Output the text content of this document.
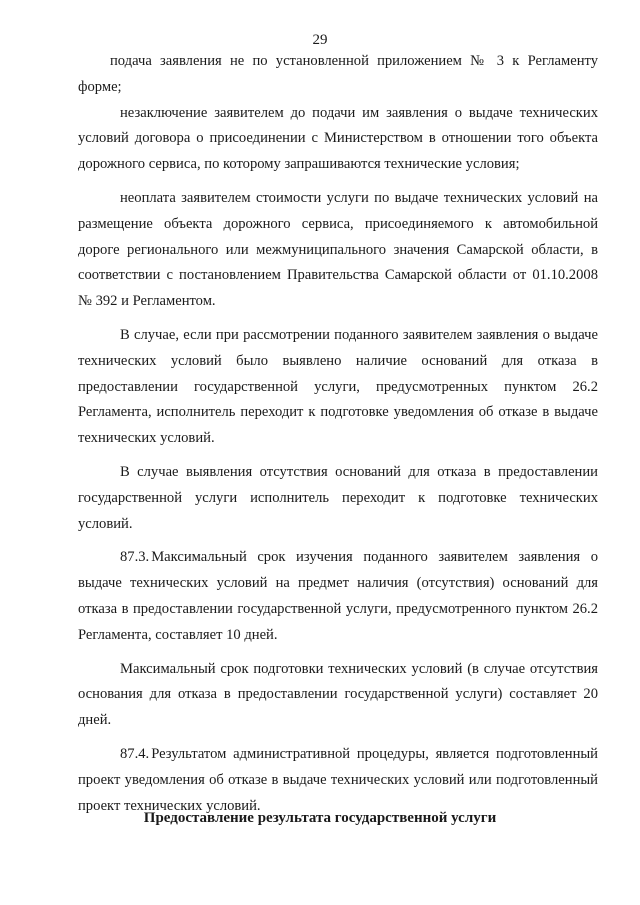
29

подача заявления не по установленной приложением № 3 к Регламенту форме;

незаключение заявителем до подачи им заявления о выдаче технических условий договора о присоединении с Министерством в отношении того объекта дорожного сервиса, по которому запрашиваются технические условия;

неоплата заявителем стоимости услуги по выдаче технических условий на размещение объекта дорожного сервиса, присоединяемого к автомобильной дороге регионального или межмуниципального значения Самарской области, в соответствии с постановлением Правительства Самарской области от 01.10.2008 № 392 и Регламентом.

В случае, если при рассмотрении поданного заявителем заявления о выдаче технических условий было выявлено наличие оснований для отказа в предоставлении государственной услуги, предусмотренных пунктом 26.2 Регламента, исполнитель переходит к подготовке уведомления об отказе в выдаче технических условий.

В случае выявления отсутствия оснований для отказа в предоставлении государственной услуги исполнитель переходит к подготовке технических условий.

87.3. Максимальный срок изучения поданного заявителем заявления о выдаче технических условий на предмет наличия (отсутствия) оснований для отказа в предоставлении государственной услуги, предусмотренного пунктом 26.2 Регламента, составляет 10 дней.

Максимальный срок подготовки технических условий (в случае отсутствия основания для отказа в предоставлении государственной услуги) составляет 20 дней.

87.4. Результатом административной процедуры, является подготовленный проект уведомления об отказе в выдаче технических условий или подготовленный проект технических условий.

Предоставление результата государственной услуги
